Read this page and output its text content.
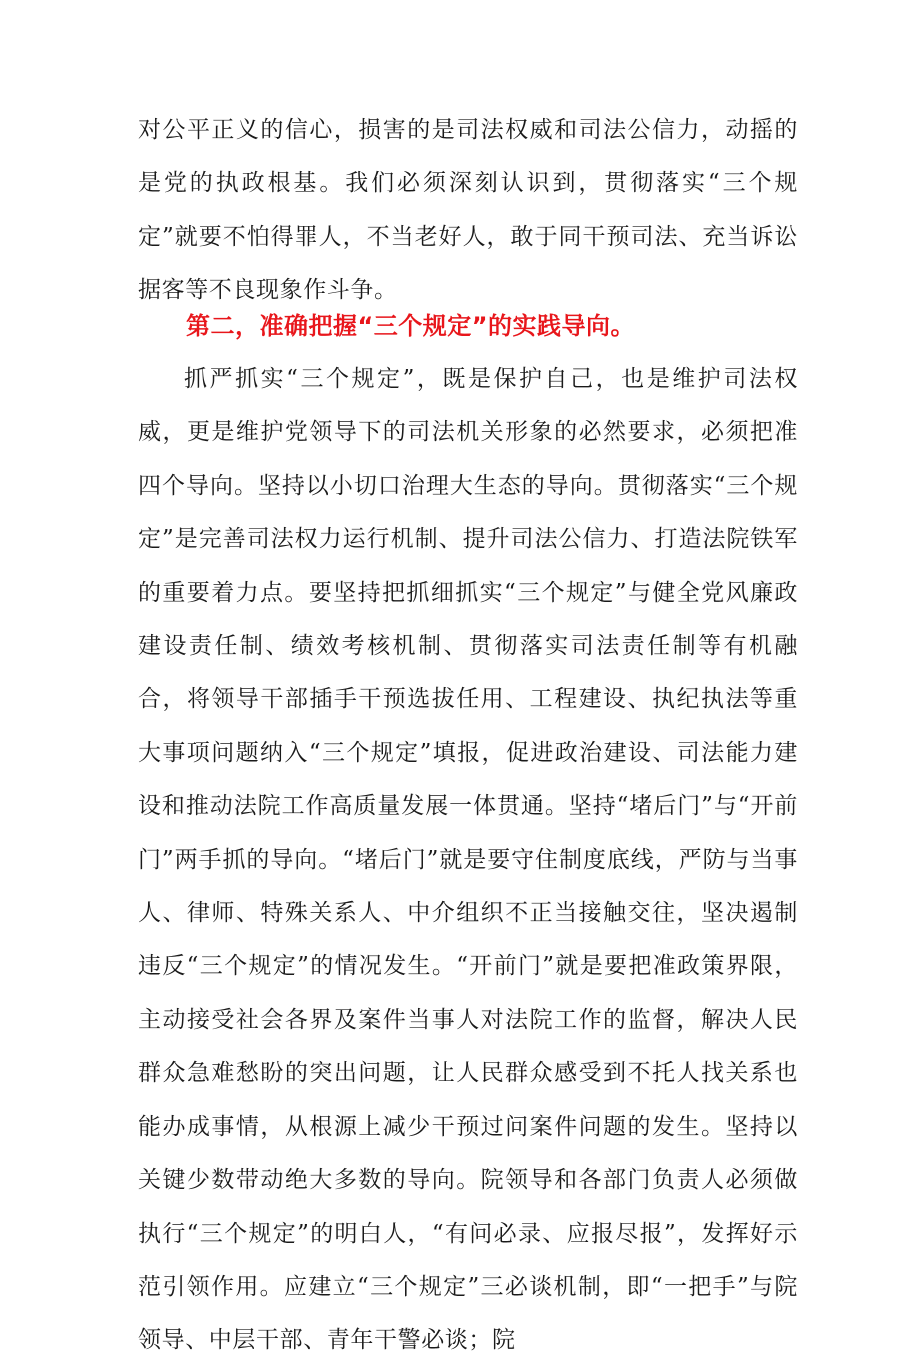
对公平正义的信心，损害的是司法权威和司法公信力，动摇的是党的执政根基。我们必须深刻认识到，贯彻落实“三个规定”就要不怕得罪人，不当老好人，敢于同干预司法、充当诉讼据客等不良现象作斗争。

第二，准确把握“三个规定”的实践导向。

抓严抓实“三个规定”，既是保护自己，也是维护司法权威，更是维护党领导下的司法机关形象的必然要求，必须把准四个导向。坚持以小切口治理大生态的导向。贯彻落实“三个规定”是完善司法权力运行机制、提升司法公信力、打造法院铁军的重要着力点。要坚持把抓细抓实“三个规定”与健全党风廉政建设责任制、绩效考核机制、贯彻落实司法责任制等有机融合，将领导干部插手干预选拔任用、工程建设、执纪执法等重大事项问题纳入“三个规定”填报，促进政治建设、司法能力建设和推动法院工作高质量发展一体贯通。坚持“堵后门”与“开前门”两手抓的导向。“堵后门”就是要守住制度底线，严防与当事人、律师、特殊关系人、中介组织不正当接触交往，坚决遏制违反“三个规定”的情况发生。“开前门”就是要把准政策界限，主动接受社会各界及案件当事人对法院工作的监督，解决人民群众急难愁盼的突出问题，让人民群众感受到不托人找关系也能办成事情，从根源上减少干预过问案件问题的发生。坚持以关键少数带动绝大多数的导向。院领导和各部门负责人必须做执行“三个规定”的明白人，“有问必录、应报尽报”，发挥好示范引领作用。应建立“三个规定”三必谈机制，即“一把手”与院领导、中层干部、青年干警必谈；院
